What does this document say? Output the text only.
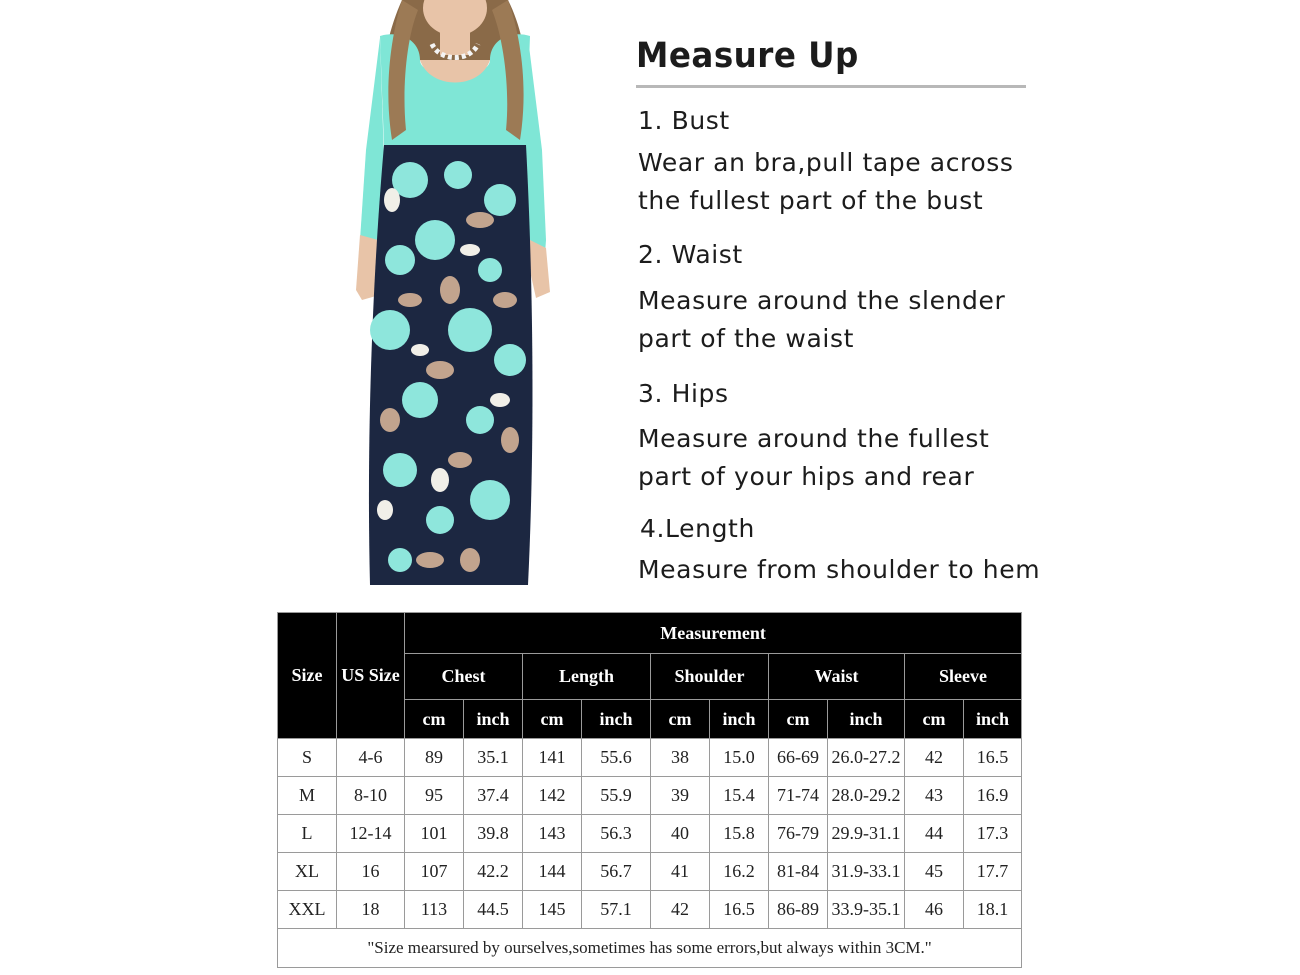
Measure Up
1. Bust
Wear an bra,pull tape across
the fullest part of the bust
2. Waist
Measure around the slender
part of the waist
3. Hips
Measure around the fullest
part of your hips and rear
4.Length
Measure from shoulder to hem
Size	US Size	Measurement									
		Chest		Length		Shoulder		Waist		Sleeve	
		cm	inch	cm	inch	cm	inch	cm	inch	cm	inch
S	4-6	89	35.1	141	55.6	38	15.0	66-69	26.0-27.2	42	16.5
M	8-10	95	37.4	142	55.9	39	15.4	71-74	28.0-29.2	43	16.9
L	12-14	101	39.8	143	56.3	40	15.8	76-79	29.9-31.1	44	17.3
XL	16	107	42.2	144	56.7	41	16.2	81-84	31.9-33.1	45	17.7
XXL	18	113	44.5	145	57.1	42	16.5	86-89	33.9-35.1	46	18.1
"Size mearsured by ourselves,sometimes has some errors,but always within 3CM."											
